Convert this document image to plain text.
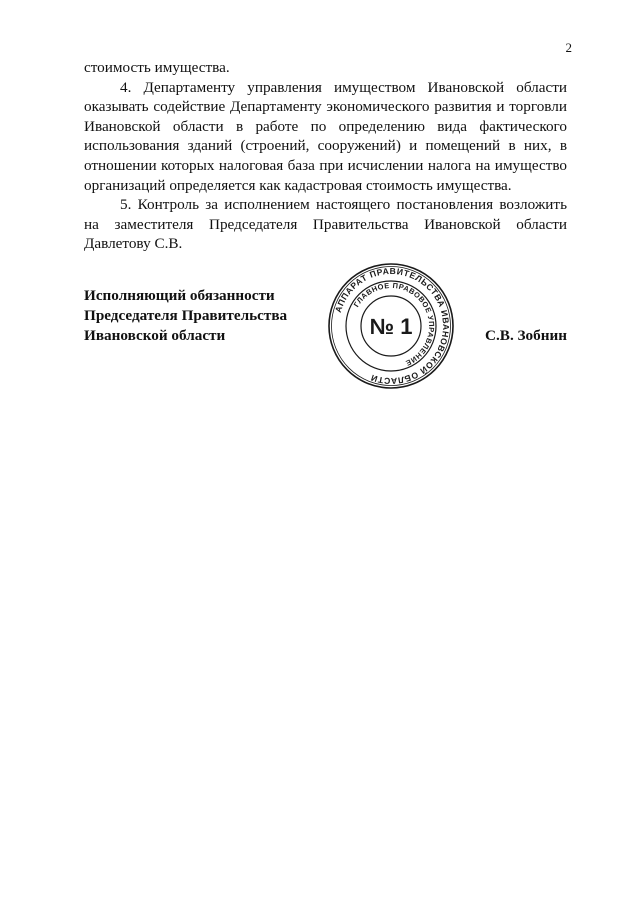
2

стоимость имущества.

4. Департаменту управления имуществом Ивановской области оказывать содействие Департаменту экономического развития и торговли Ивановской области в работе по определению вида фактического использования зданий (строений, сооружений) и помещений в них, в отношении которых налоговая база при исчислении налога на имущество организаций определяется как кадастровая стоимость имущества.

5. Контроль за исполнением настоящего постановления возложить на заместителя Председателя Правительства Ивановской области Давлетову С.В.

Исполняющий обязанности
Председателя Правительства
Ивановской области	С.В. Зобнин
АППАРАТ ПРАВИТЕЛЬСТВА ИВАНОВСКОЙ ОБЛАСТИ
ГЛАВНОЕ ПРАВОВОЕ УПРАВЛЕНИЕ
№ 1
